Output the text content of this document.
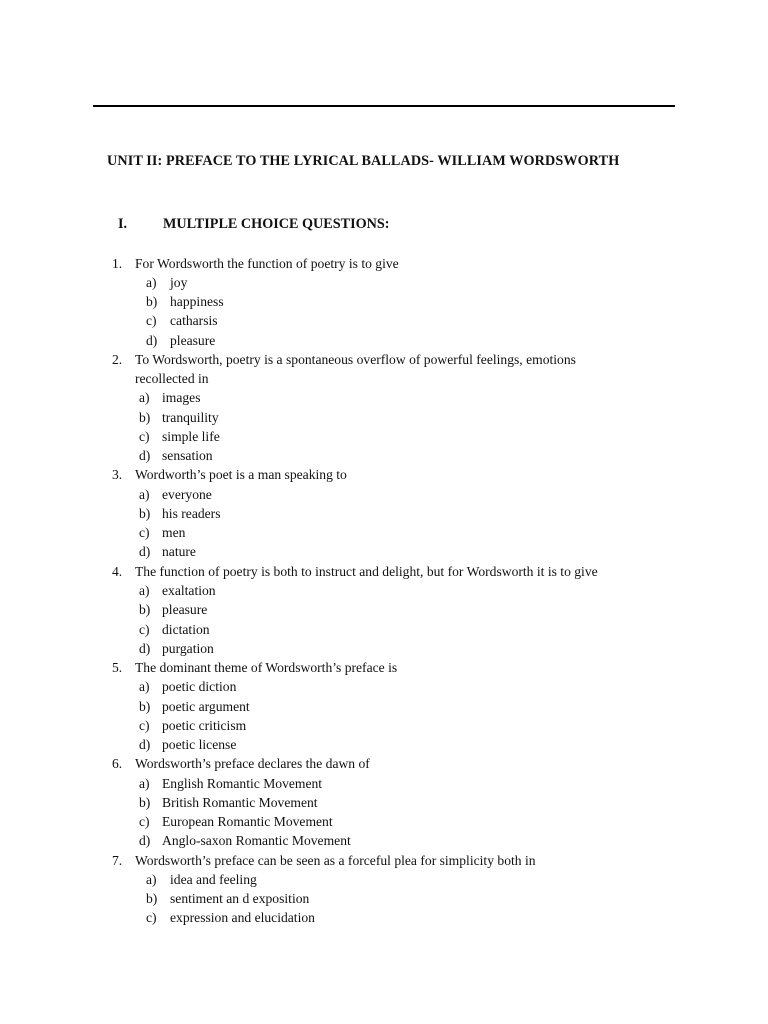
UNIT II: PREFACE TO THE LYRICAL BALLADS- WILLIAM WORDSWORTH
I.	MULTIPLE CHOICE QUESTIONS:
1. For Wordsworth the function of poetry is to give
a) joy
b) happiness
c) catharsis
d) pleasure
2. To Wordsworth, poetry is a spontaneous overflow of powerful feelings, emotions
recollected in
a) images
b) tranquility
c) simple life
d) sensation
3. Wordworth’s poet is a man speaking to
a) everyone
b) his readers
c) men
d) nature
4. The function of poetry is both to instruct and delight, but for Wordsworth it is to give
a) exaltation
b) pleasure
c) dictation
d) purgation
5. The dominant theme of Wordsworth’s preface is
a) poetic diction
b) poetic argument
c) poetic criticism
d) poetic license
6. Wordsworth’s preface declares the dawn of
a) English Romantic Movement
b) British Romantic Movement
c) European Romantic Movement
d) Anglo-saxon Romantic Movement
7. Wordsworth’s preface can be seen as a forceful plea for simplicity both in
a) idea and feeling
b) sentiment an d exposition
c) expression and elucidation
